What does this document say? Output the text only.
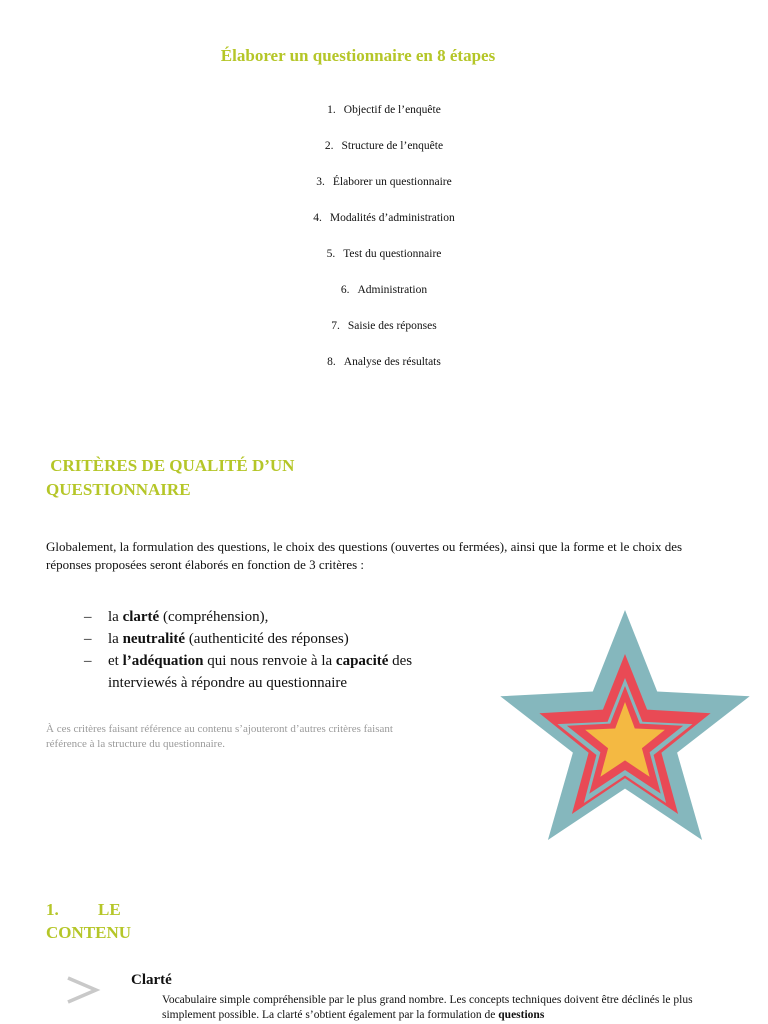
Élaborer un questionnaire en 8 étapes
1. Objectif de l’enquête
2. Structure de l’enquête
3. Élaborer un questionnaire
4. Modalités d’administration
5. Test du questionnaire
6. Administration
7. Saisie des réponses
8. Analyse des résultats
CRITÈRES DE QUALITÉ D’UN QUESTIONNAIRE
Globalement, la formulation des questions, le choix des questions (ouvertes ou fermées), ainsi que la forme et le choix des réponses proposées seront élaborés en fonction de 3 critères :
– la clarté (compréhension),
– la neutralité (authenticité des réponses)
– et l’adéquation qui nous renvoie à la capacité des interviewés à répondre au questionnaire
À ces critères faisant référence au contenu s’ajouteront d’autres critères faisant référence à la structure du questionnaire.
1. LE
CONTENU
Clarté
Vocabulaire simple compréhensible par le plus grand nombre. Les concepts techniques doivent être déclinés le plus simplement possible. La clarté s’obtient également par la formulation de questions
